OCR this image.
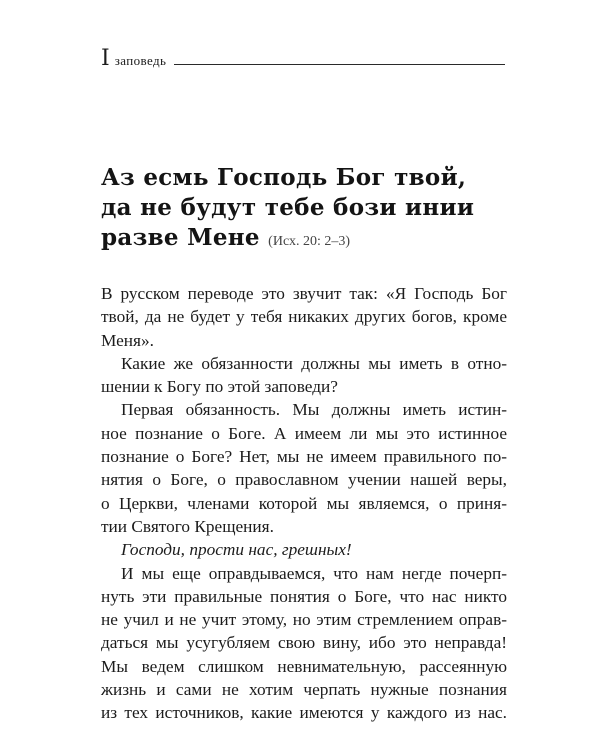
I заповедь
Аз есмь Господь Бог твой,
да не будут тебе бози инии
разве Мене (Исх. 20: 2–3)
В русском переводе это звучит так: «Я Господь Бог
твой, да не будет у тебя никаких других богов, кроме
Меня».
Какие же обязанности должны мы иметь в отно-
шении к Богу по этой заповеди?
Первая обязанность. Мы должны иметь истин-
ное познание о Боге. А имеем ли мы это истинное
познание о Боге? Нет, мы не имеем правильного по-
нятия о Боге, о православном учении нашей веры,
о Церкви, членами которой мы являемся, о приня-
тии Святого Крещения.
Господи, прости нас, грешных!
И мы еще оправдываемся, что нам негде почерп-
нуть эти правильные понятия о Боге, что нас никто
не учил и не учит этому, но этим стремлением оправ-
даться мы усугубляем свою вину, ибо это неправда!
Мы ведем слишком невнимательную, рассеянную
жизнь и сами не хотим черпать нужные познания
из тех источников, какие имеются у каждого из нас.
